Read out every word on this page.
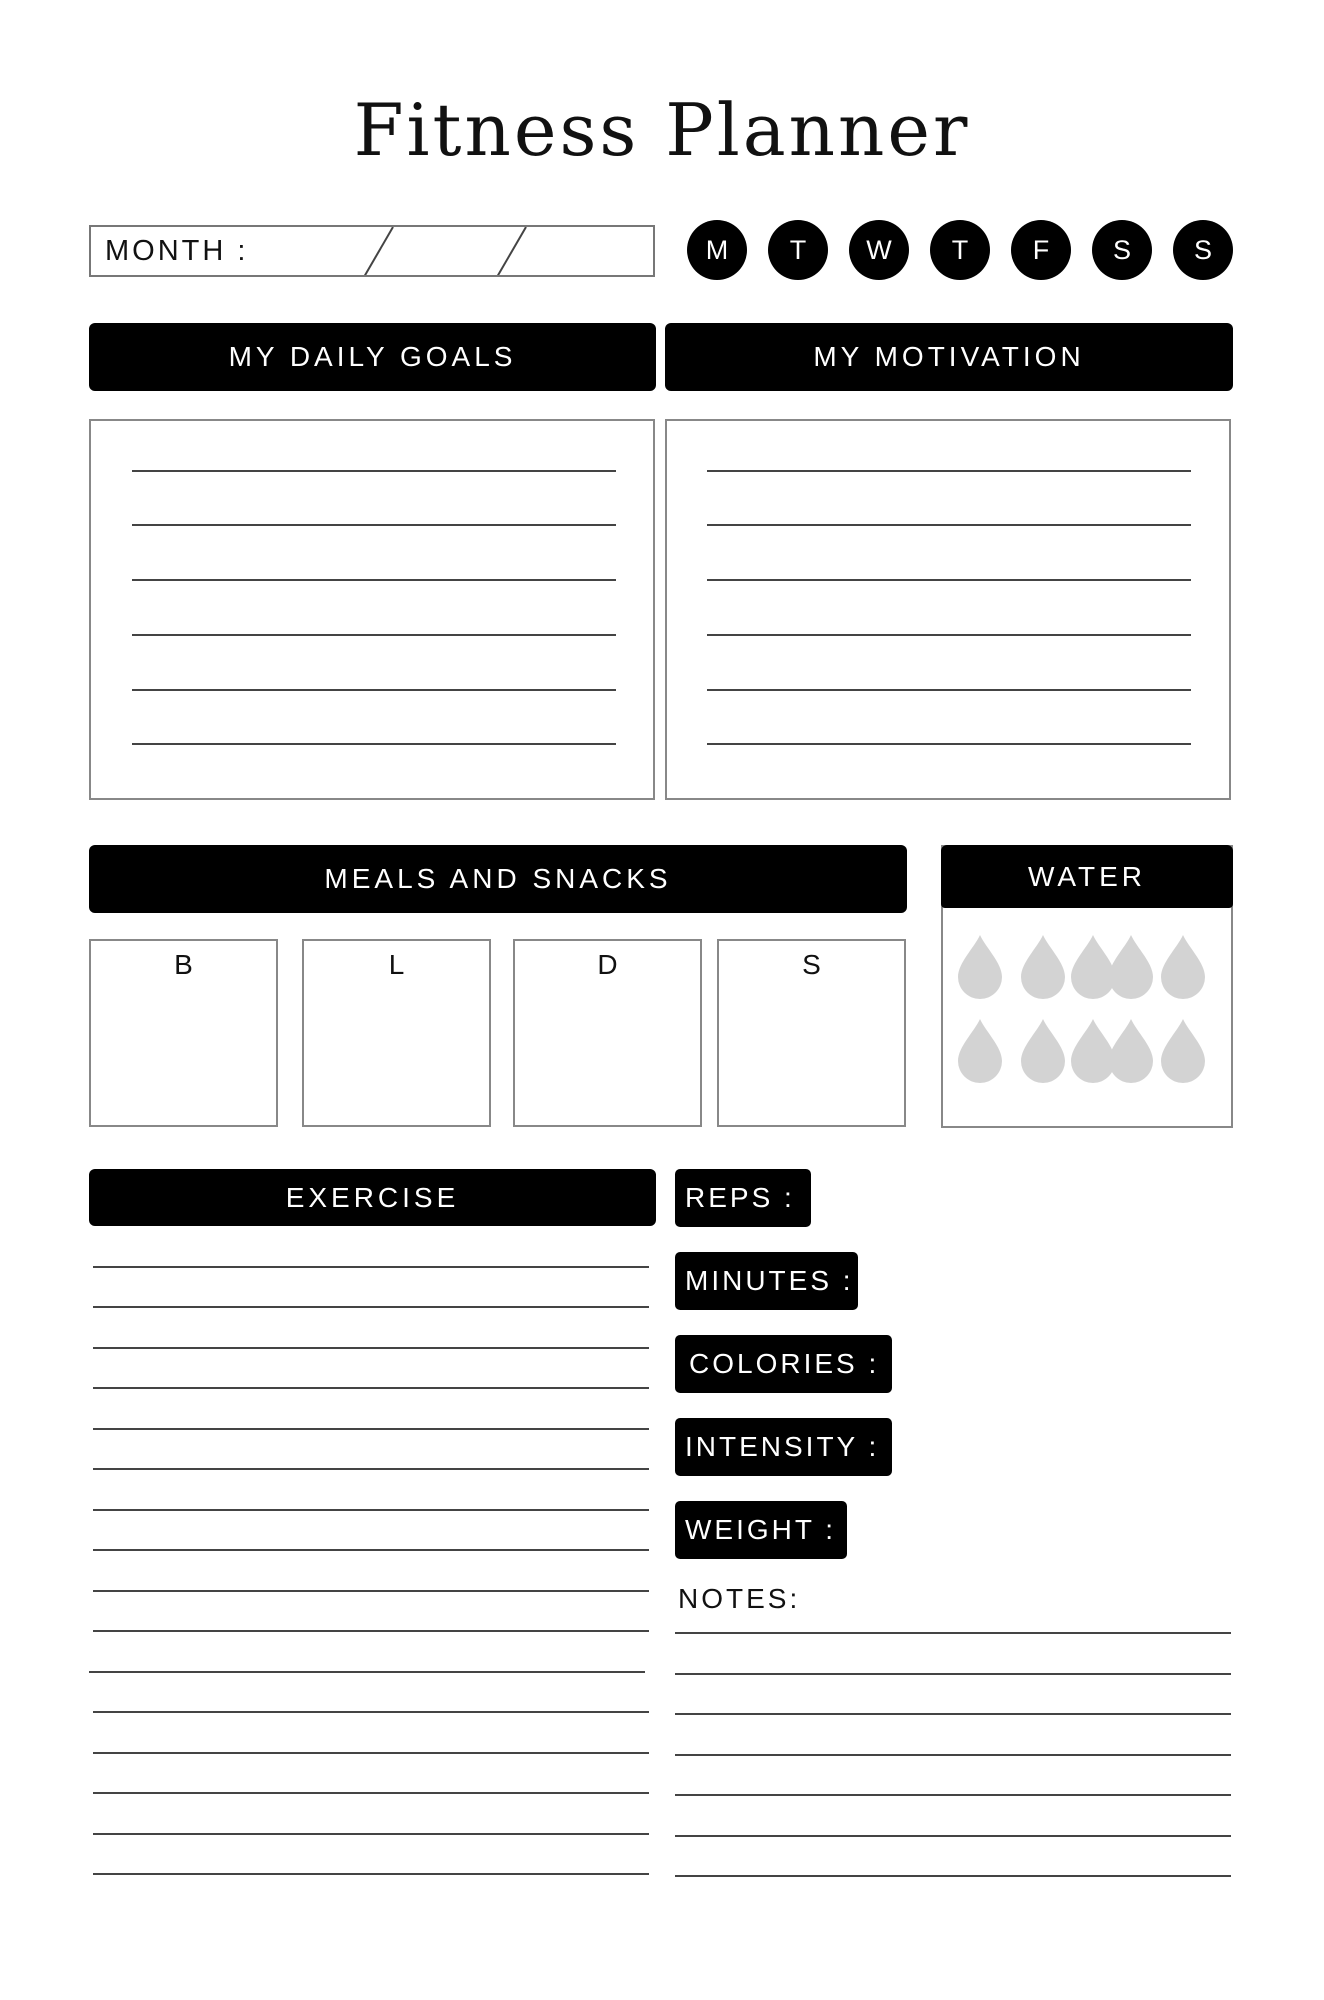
Fitness Planner
MONTH :	M	T	W	T	F	S	S
MY DAILY GOALS	MY MOTIVATION
MEALS AND SNACKS
B	L	D	S
WATER
EXERCISE	REPS :
MINUTES :
COLORIES :
INTENSITY :
WEIGHT :
NOTES:
